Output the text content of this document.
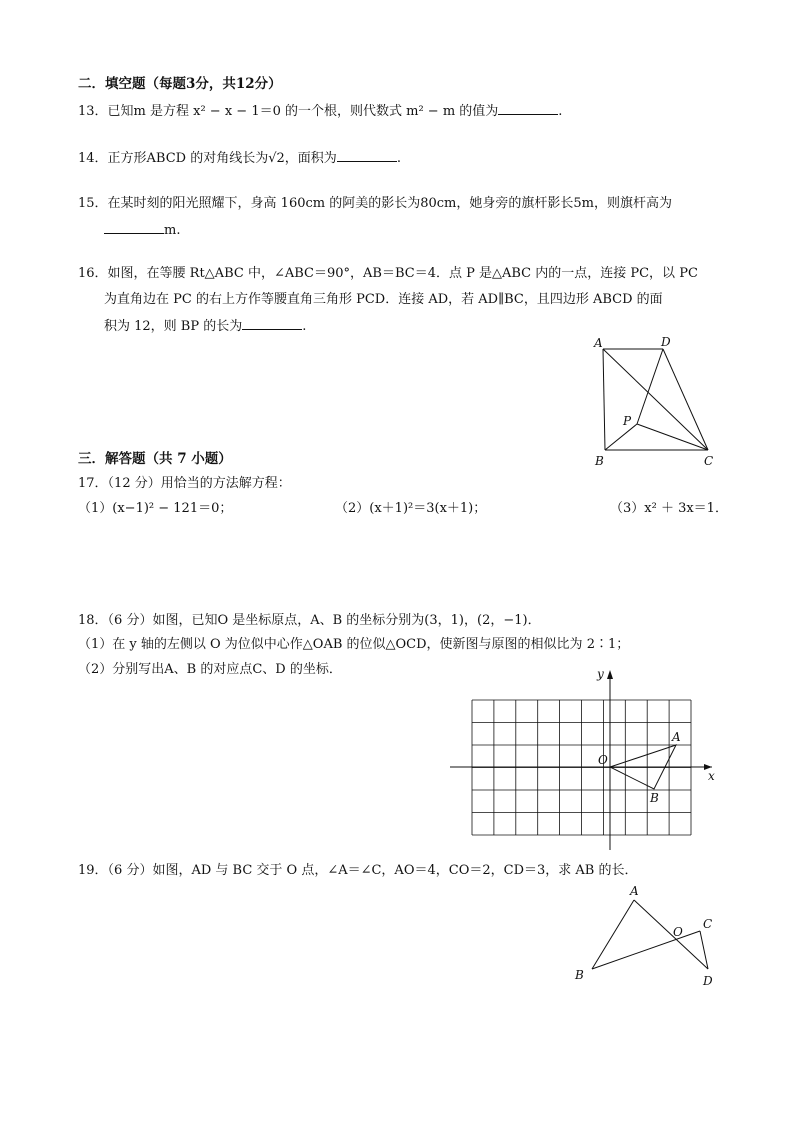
二．填空题（每题3分，共12分）
13．已知m 是方程 x² − x − 1＝0 的一个根，则代数式 m² − m 的值为	.
14．正方形ABCD 的对角线长为√2，面积为	.
15．在某时刻的阳光照耀下，身高 160cm 的阿美的影长为80cm，她身旁的旗杆影长5m，则旗杆高为
m.
16．如图，在等腰 Rt△ABC 中，∠ABC＝90°，AB＝BC＝4．点 P 是△ABC 内的一点，连接 PC，以 PC
为直角边在 PC 的右上方作等腰直角三角形 PCD．连接 AD，若 AD∥BC，且四边形 ABCD 的面
积为 12，则 BP 的长为	.
A	D
P
B	C
三．解答题（共 7 小题）
17．（12 分）用恰当的方法解方程：
（1）(x−1)² − 121＝0；	（2）(x＋1)²＝3(x＋1)；	（3）x² ＋ 3x＝1．
18．（6 分）如图，已知O 是坐标原点，A、B 的坐标分别为(3，1)，(2，−1)．
（1）在 y 轴的左侧以 O 为位似中心作△OAB 的位似△OCD，使新图与原图的相似比为 2∶1；
（2）分别写出A、B 的对应点C、D 的坐标．	y
x
O
A
B
19．（6 分）如图，AD 与 BC 交于 O 点，∠A＝∠C，AO＝4，CO＝2，CD＝3，求 AB 的长．
A
B
O
C
D
